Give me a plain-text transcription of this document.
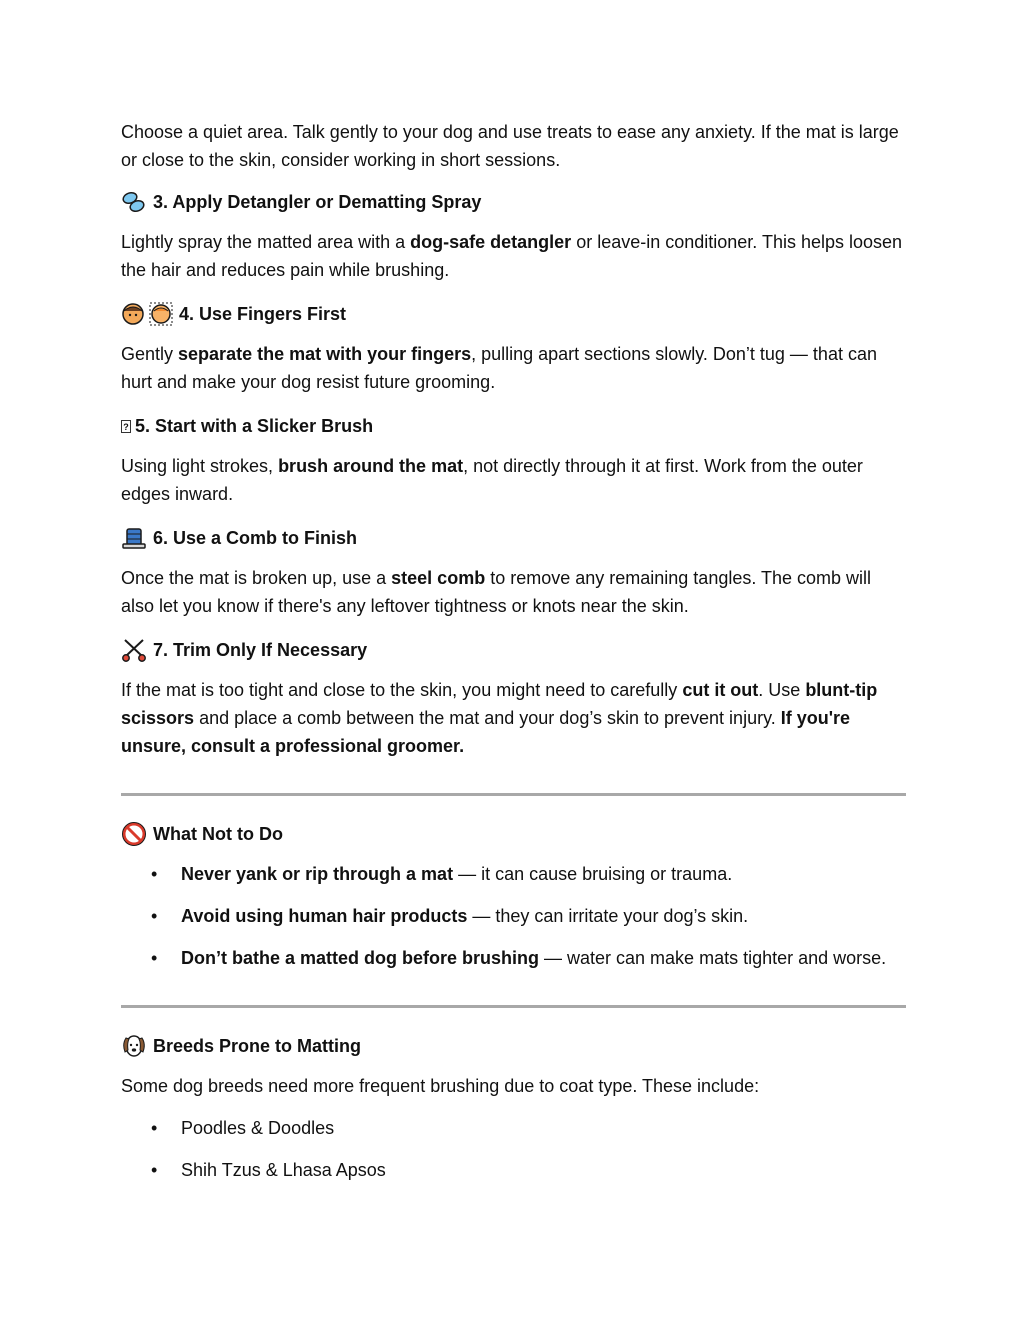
Choose a quiet area. Talk gently to your dog and use treats to ease any anxiety. If the mat is large or close to the skin, consider working in short sessions.

3. Apply Detangler or Dematting Spray

Lightly spray the matted area with a dog-safe detangler or leave-in conditioner. This helps loosen the hair and reduces pain while brushing.

4. Use Fingers First

Gently separate the mat with your fingers, pulling apart sections slowly. Don’t tug — that can hurt and make your dog resist future grooming.

? 5. Start with a Slicker Brush

Using light strokes, brush around the mat, not directly through it at first. Work from the outer edges inward.

6. Use a Comb to Finish

Once the mat is broken up, use a steel comb to remove any remaining tangles. The comb will also let you know if there's any leftover tightness or knots near the skin.

7. Trim Only If Necessary

If the mat is too tight and close to the skin, you might need to carefully cut it out. Use blunt-tip scissors and place a comb between the mat and your dog’s skin to prevent injury. If you're unsure, consult a professional groomer.

What Not to Do
• Never yank or rip through a mat — it can cause bruising or trauma.
• Avoid using human hair products — they can irritate your dog’s skin.
• Don’t bathe a matted dog before brushing — water can make mats tighter and worse.
Breeds Prone to Matting

Some dog breeds need more frequent brushing due to coat type. These include:

• Poodles & Doodles
• Shih Tzus & Lhasa Apsos
